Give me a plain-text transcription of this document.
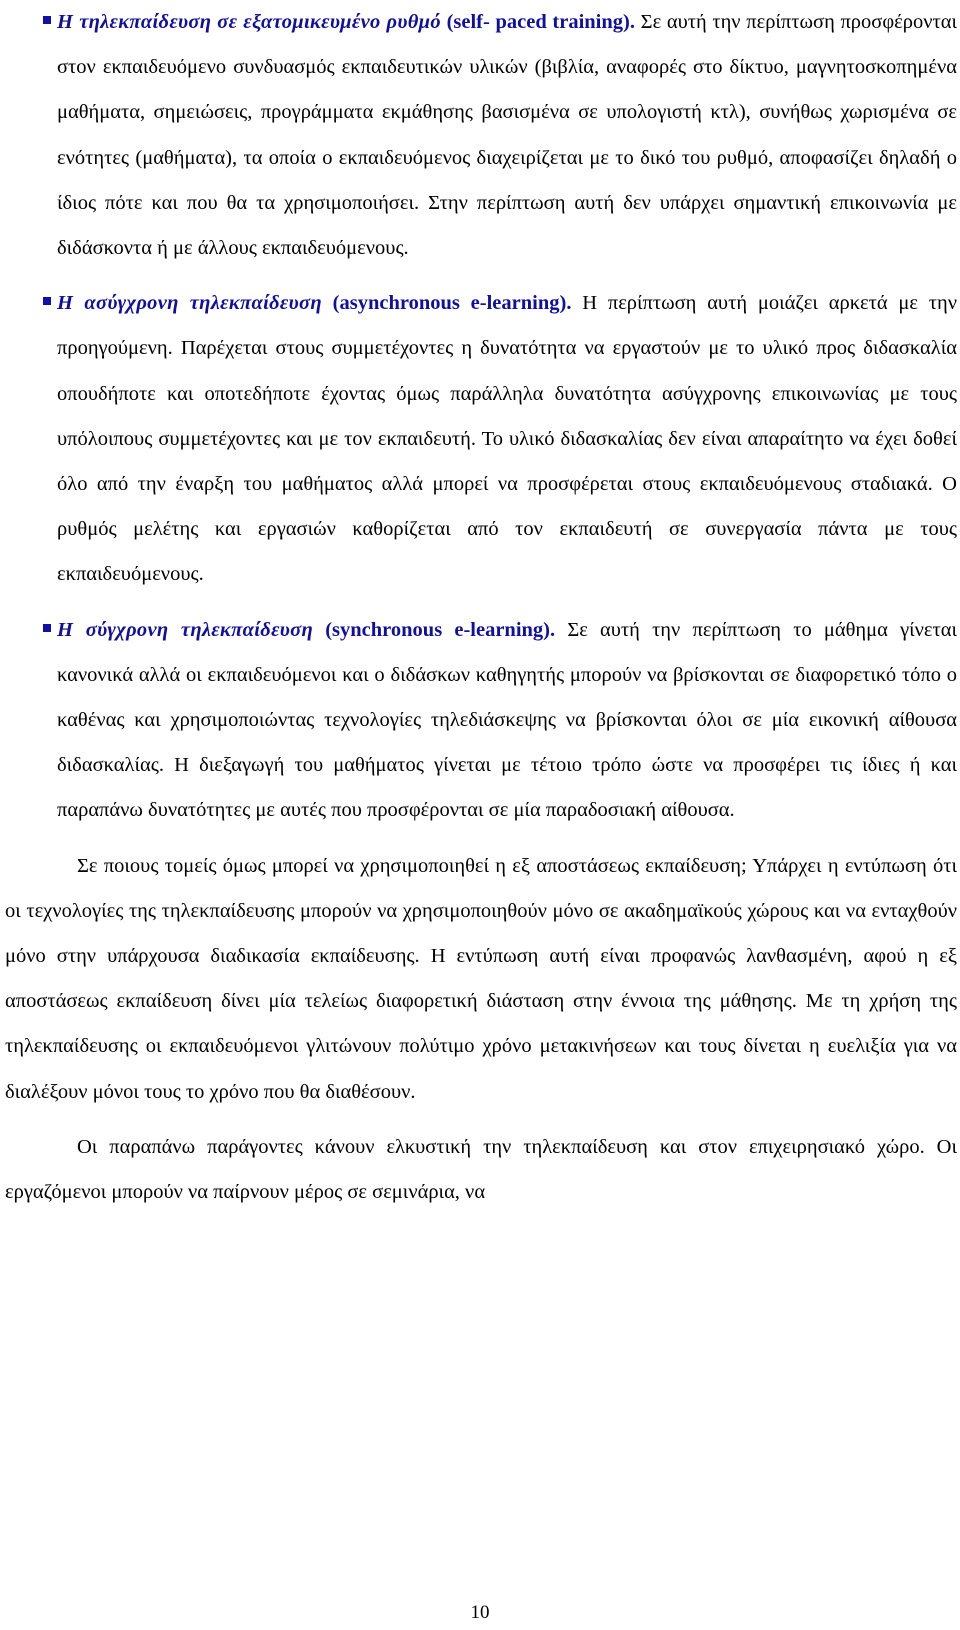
Η τηλεκπαίδευση σε εξατομικευμένο ρυθμό (self- paced training). Σε αυτή την περίπτωση προσφέρονται στον εκπαιδευόμενο συνδυασμός εκπαιδευτικών υλικών (βιβλία, αναφορές στο δίκτυο, μαγνητοσκοπημένα μαθήματα, σημειώσεις, προγράμματα εκμάθησης βασισμένα σε υπολογιστή κτλ), συνήθως χωρισμένα σε ενότητες (μαθήματα), τα οποία ο εκπαιδευόμενος διαχειρίζεται με το δικό του ρυθμό, αποφασίζει δηλαδή ο ίδιος πότε και που θα τα χρησιμοποιήσει. Στην περίπτωση αυτή δεν υπάρχει σημαντική επικοινωνία με διδάσκοντα ή με άλλους εκπαιδευόμενους.
Η ασύγχρονη τηλεκπαίδευση (asynchronous e-learning). Η περίπτωση αυτή μοιάζει αρκετά με την προηγούμενη. Παρέχεται στους συμμετέχοντες η δυνατότητα να εργαστούν με το υλικό προς διδασκαλία οπουδήποτε και οποτεδήποτε έχοντας όμως παράλληλα δυνατότητα ασύγχρονης επικοινωνίας με τους υπόλοιπους συμμετέχοντες και με τον εκπαιδευτή. Το υλικό διδασκαλίας δεν είναι απαραίτητο να έχει δοθεί όλο από την έναρξη του μαθήματος αλλά μπορεί να προσφέρεται στους εκπαιδευόμενους σταδιακά. Ο ρυθμός μελέτης και εργασιών καθορίζεται από τον εκπαιδευτή σε συνεργασία πάντα με τους εκπαιδευόμενους.
Η σύγχρονη τηλεκπαίδευση (synchronous e-learning). Σε αυτή την περίπτωση το μάθημα γίνεται κανονικά αλλά οι εκπαιδευόμενοι και ο διδάσκων καθηγητής μπορούν να βρίσκονται σε διαφορετικό τόπο ο καθένας και χρησιμοποιώντας τεχνολογίες τηλεδιάσκεψης να βρίσκονται όλοι σε μία εικονική αίθουσα διδασκαλίας. Η διεξαγωγή του μαθήματος γίνεται με τέτοιο τρόπο ώστε να προσφέρει τις ίδιες ή και παραπάνω δυνατότητες με αυτές που προσφέρονται σε μία παραδοσιακή αίθουσα.

Σε ποιους τομείς όμως μπορεί να χρησιμοποιηθεί η εξ αποστάσεως εκπαίδευση; Υπάρχει η εντύπωση ότι οι τεχνολογίες της τηλεκπαίδευσης μπορούν να χρησιμοποιηθούν μόνο σε ακαδημαϊκούς χώρους και να ενταχθούν μόνο στην υπάρχουσα διαδικασία εκπαίδευσης. Η εντύπωση αυτή είναι προφανώς λανθασμένη, αφού η εξ αποστάσεως εκπαίδευση δίνει μία τελείως διαφορετική διάσταση στην έννοια της μάθησης. Με τη χρήση της τηλεκπαίδευσης οι εκπαιδευόμενοι γλιτώνουν πολύτιμο χρόνο μετακινήσεων και τους δίνεται η ευελιξία για να διαλέξουν μόνοι τους το χρόνο που θα διαθέσουν.

Οι παραπάνω παράγοντες κάνουν ελκυστική την τηλεκπαίδευση και στον επιχειρησιακό χώρο. Οι εργαζόμενοι μπορούν να παίρνουν μέρος σε σεμινάρια, να

10
